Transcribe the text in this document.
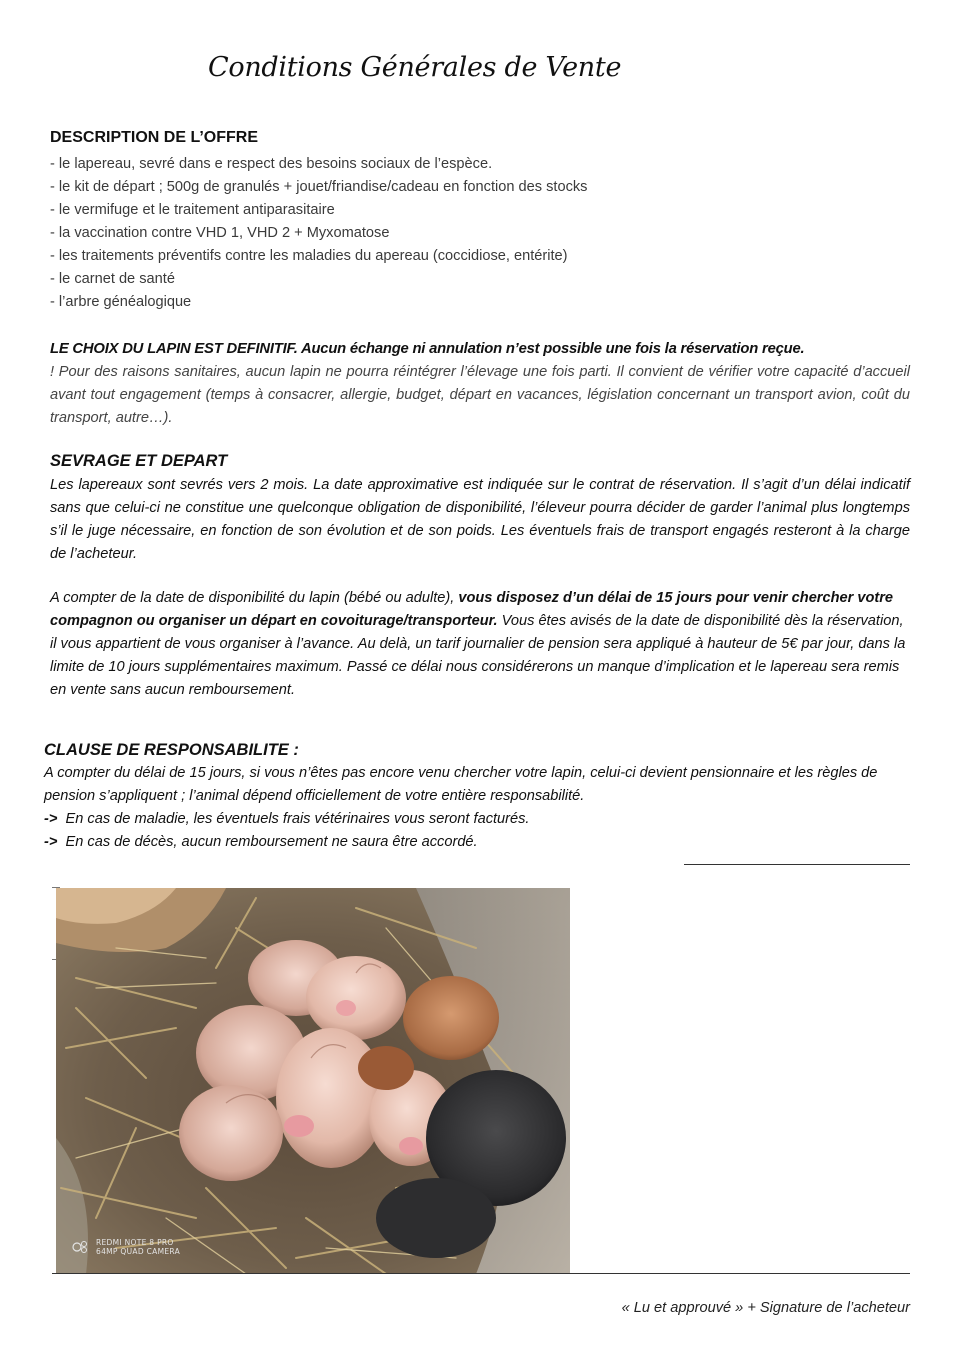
Conditions Générales de Vente

DESCRIPTION DE L’OFFRE

- le lapereau, sevré dans e respect des besoins sociaux de l’espèce.
- le kit de départ ; 500g de granulés + jouet/friandise/cadeau en fonction des stocks
- le vermifuge et le traitement antiparasitaire
- la vaccination contre VHD 1, VHD 2 + Myxomatose
- les traitements préventifs contre les maladies du apereau (coccidiose, entérite)
- le carnet de santé
- l’arbre généalogique

LE CHOIX DU LAPIN EST DEFINITIF. Aucun échange ni annulation n’est possible une fois la réservation reçue.

! Pour des raisons sanitaires, aucun lapin ne pourra réintégrer l’élevage une fois parti. Il convient de vérifier votre capacité d’accueil avant tout engagement (temps à consacrer, allergie, budget, départ en vacances, législation concernant un transport avion, coût du transport, autre…).

SEVRAGE ET DEPART

Les lapereaux sont sevrés vers 2 mois. La date approximative est indiquée sur le contrat de réservation. Il s’agit d’un délai indicatif sans que celui-ci ne constitue une quelconque obligation de disponibilité, l’éleveur pourra décider de garder l’animal plus longtemps s’il le juge nécessaire, en fonction de son évolution et de son poids. Les éventuels frais de transport engagés resteront à la charge de l’acheteur.

A compter de la date de disponibilité du lapin (bébé ou adulte), vous disposez d’un délai de 15 jours pour venir chercher votre compagnon ou organiser un départ en covoiturage/transporteur. Vous êtes avisés de la date de disponibilité dès la réservation, il vous appartient de vous organiser à l’avance. Au delà, un tarif journalier de pension sera appliqué à hauteur de 5€ par jour, dans la limite de 10 jours supplémentaires maximum. Passé ce délai nous considérerons un manque d’implication et le lapereau sera remis en vente sans aucun remboursement.

CLAUSE DE RESPONSABILITE :

A compter du délai de 15 jours, si vous n’êtes pas encore venu chercher votre lapin, celui-ci devient pensionnaire et les règles de pension s’appliquent ; l’animal dépend officiellement de votre entière responsabilité.

-> En cas de maladie, les éventuels frais vétérinaires vous seront facturés.

-> En cas de décès, aucun remboursement ne saura être accordé.

REDMI NOTE 8 PRO
64MP QUAD CAMERA
« Lu et approuvé » + Signature de l’acheteur
